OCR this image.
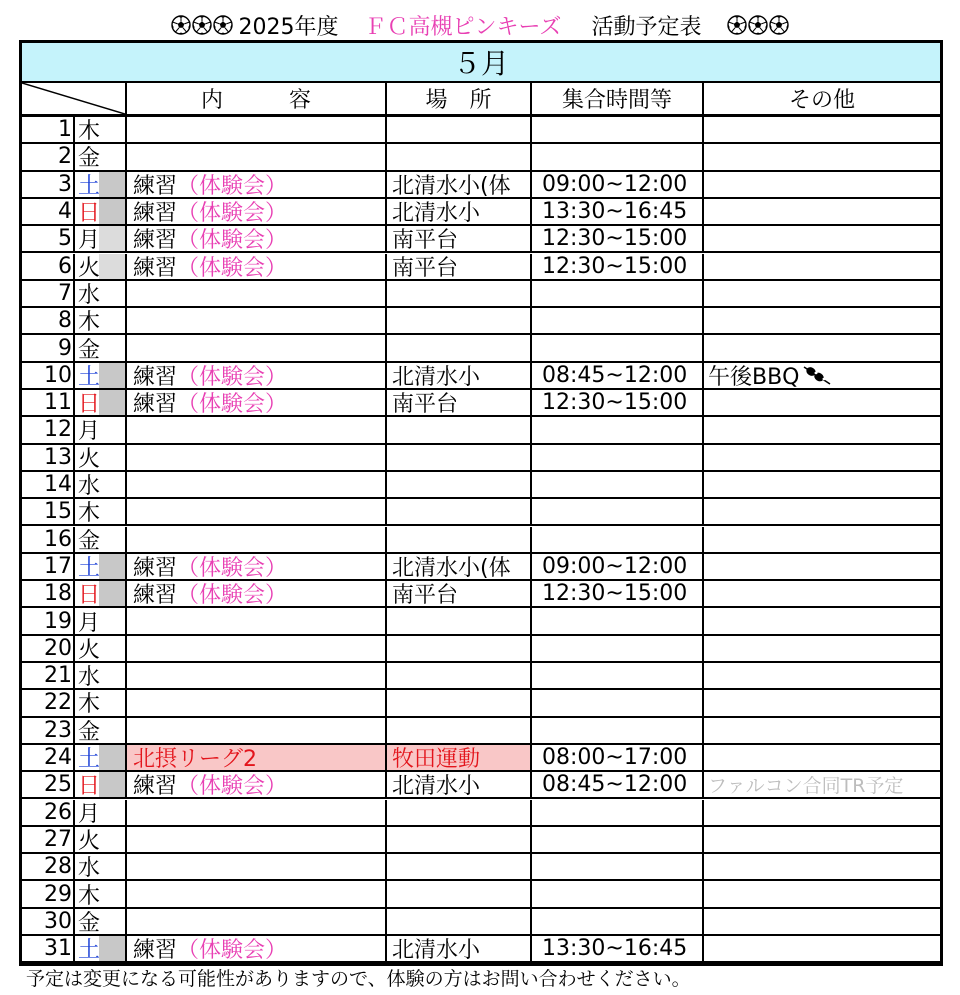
2025年度 ＦＣ高槻ピンキーズ 活動予定表
５月
内　　　容	場　所	集合時間等	その他
1 木
2 金
3 土 練習 （体験会）	北清水小(体 09:00~12:00
4 日 練習 （体験会）	北清水小	13:30~16:45
5 月 練習 （体験会）	南平台	12:30~15:00
6 火 練習 （体験会）	南平台	12:30~15:00
7 水
8 木
9 金
10 土 練習 （体験会）	北清水小	08:45~12:00 午後BBQ
11 日 練習 （体験会）	南平台	12:30~15:00
12 月
13 火
14 水
15 木
16 金
17 土 練習 （体験会）	北清水小(体 09:00~12:00
18 日 練習 （体験会）	南平台	12:30~15:00
19 月
20 火
21 水
22 木
23 金
24 土 北摂リーグ2	牧田運動	08:00~17:00
25 日 練習 （体験会）	北清水小	08:45~12:00 ファルコン合同TR予定
26 月
27 火
28 水
29 木
30 金
31 土 練習 （体験会）	北清水小	13:30~16:45
予定は変更になる可能性がありますので、体験の方はお問い合わせください。
